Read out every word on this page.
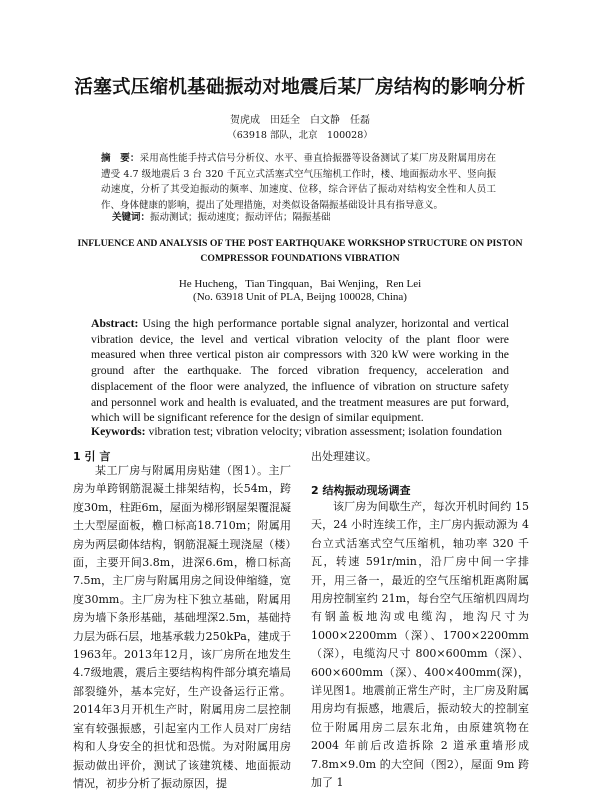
活塞式压缩机基础振动对地震后某厂房结构的影响分析
贺虎成　田廷全　白文静　任磊
（63918 部队，北京　100028）
摘　要：采用高性能手持式信号分析仪、水平、垂直拾振器等设备测试了某厂房及附属用房在遭受 4.7 级地震后 3 台 320 千瓦立式活塞式空气压缩机工作时，楼、地面振动水平、竖向振动速度，分析了其受迫振动的频率、加速度、位移，综合评估了振动对结构安全性和人员工作、身体健康的影响，提出了处理措施，对类似设备隔振基础设计具有指导意义。
关键词：振动测试；振动速度；振动评估；隔振基础
INFLUENCE AND ANALYSIS OF THE POST EARTHQUAKE WORKSHOP STRUCTURE ON PISTON
COMPRESSOR FOUNDATIONS VIBRATION
He Hucheng，Tian Tingquan，Bai Wenjing，Ren Lei
(No. 63918 Unit of PLA, Beijng 100028, China)
Abstract: Using the high performance portable signal analyzer, horizontal and vertical vibration device, the level and vertical vibration velocity of the plant floor were measured when three vertical piston air compressors with 320 kW were working in the ground after the earthquake. The forced vibration frequency, acceleration and displacement of the floor were analyzed, the influence of vibration on structure safety and personnel work and health is evaluated, and the treatment measures are put forward, which will be significant reference for the design of similar equipment.
Keywords: vibration test; vibration velocity; vibration assessment; isolation foundation
1 引 言
某工厂房与附属用房贴建（图1）。主厂房为单跨钢筋混凝土排架结构，长54m，跨度30m，柱距6m，屋面为梯形钢屋架覆混凝土大型屋面板，檐口标高18.710m；附属用房为两层砌体结构，钢筋混凝土现浇屋（楼）面，主要开间3.8m，进深6.6m，檐口标高7.5m，主厂房与附属用房之间设伸缩缝，宽度30mm。主厂房为柱下独立基础，附属用房为墙下条形基础，基础埋深2.5m，基础持力层为砾石层，地基承载力250kPa，建成于1963年。2013年12月，该厂房所在地发生4.7级地震，震后主要结构构件部分填充墙局部裂缝外，基本完好，生产设备运行正常。2014年3月开机生产时，附属用房二层控制室有较强振感，引起室内工作人员对厂房结构和人身安全的担忧和恐慌。为对附属用房振动做出评价，测试了该建筑楼、地面振动情况，初步分析了振动原因，提
出处理建议。
2 结构振动现场调查
该厂房为间歇生产，每次开机时间约 15 天，24 小时连续工作，主厂房内振动源为 4 台立式活塞式空气压缩机，轴功率 320 千瓦，转速 591r/min，沿厂房中间一字排开，用三备一，最近的空气压缩机距离附属用房控制室约 21m，每台空气压缩机四周均有钢盖板地沟或电缆沟，地沟尺寸为 1000×2200mm（深）、1700×2200mm（深），电缆沟尺寸 800×600mm（深）、600×600mm（深）、400×400mm(深)，详见图1。地震前正常生产时，主厂房及附属用房均有振感，地震后，振动较大的控制室位于附属用房二层东北角，由原建筑物在 2004 年前后改造拆除 2 道承重墙形成 7.8m×9.0m 的大空间（图2），屋面 9m 跨加了 1
